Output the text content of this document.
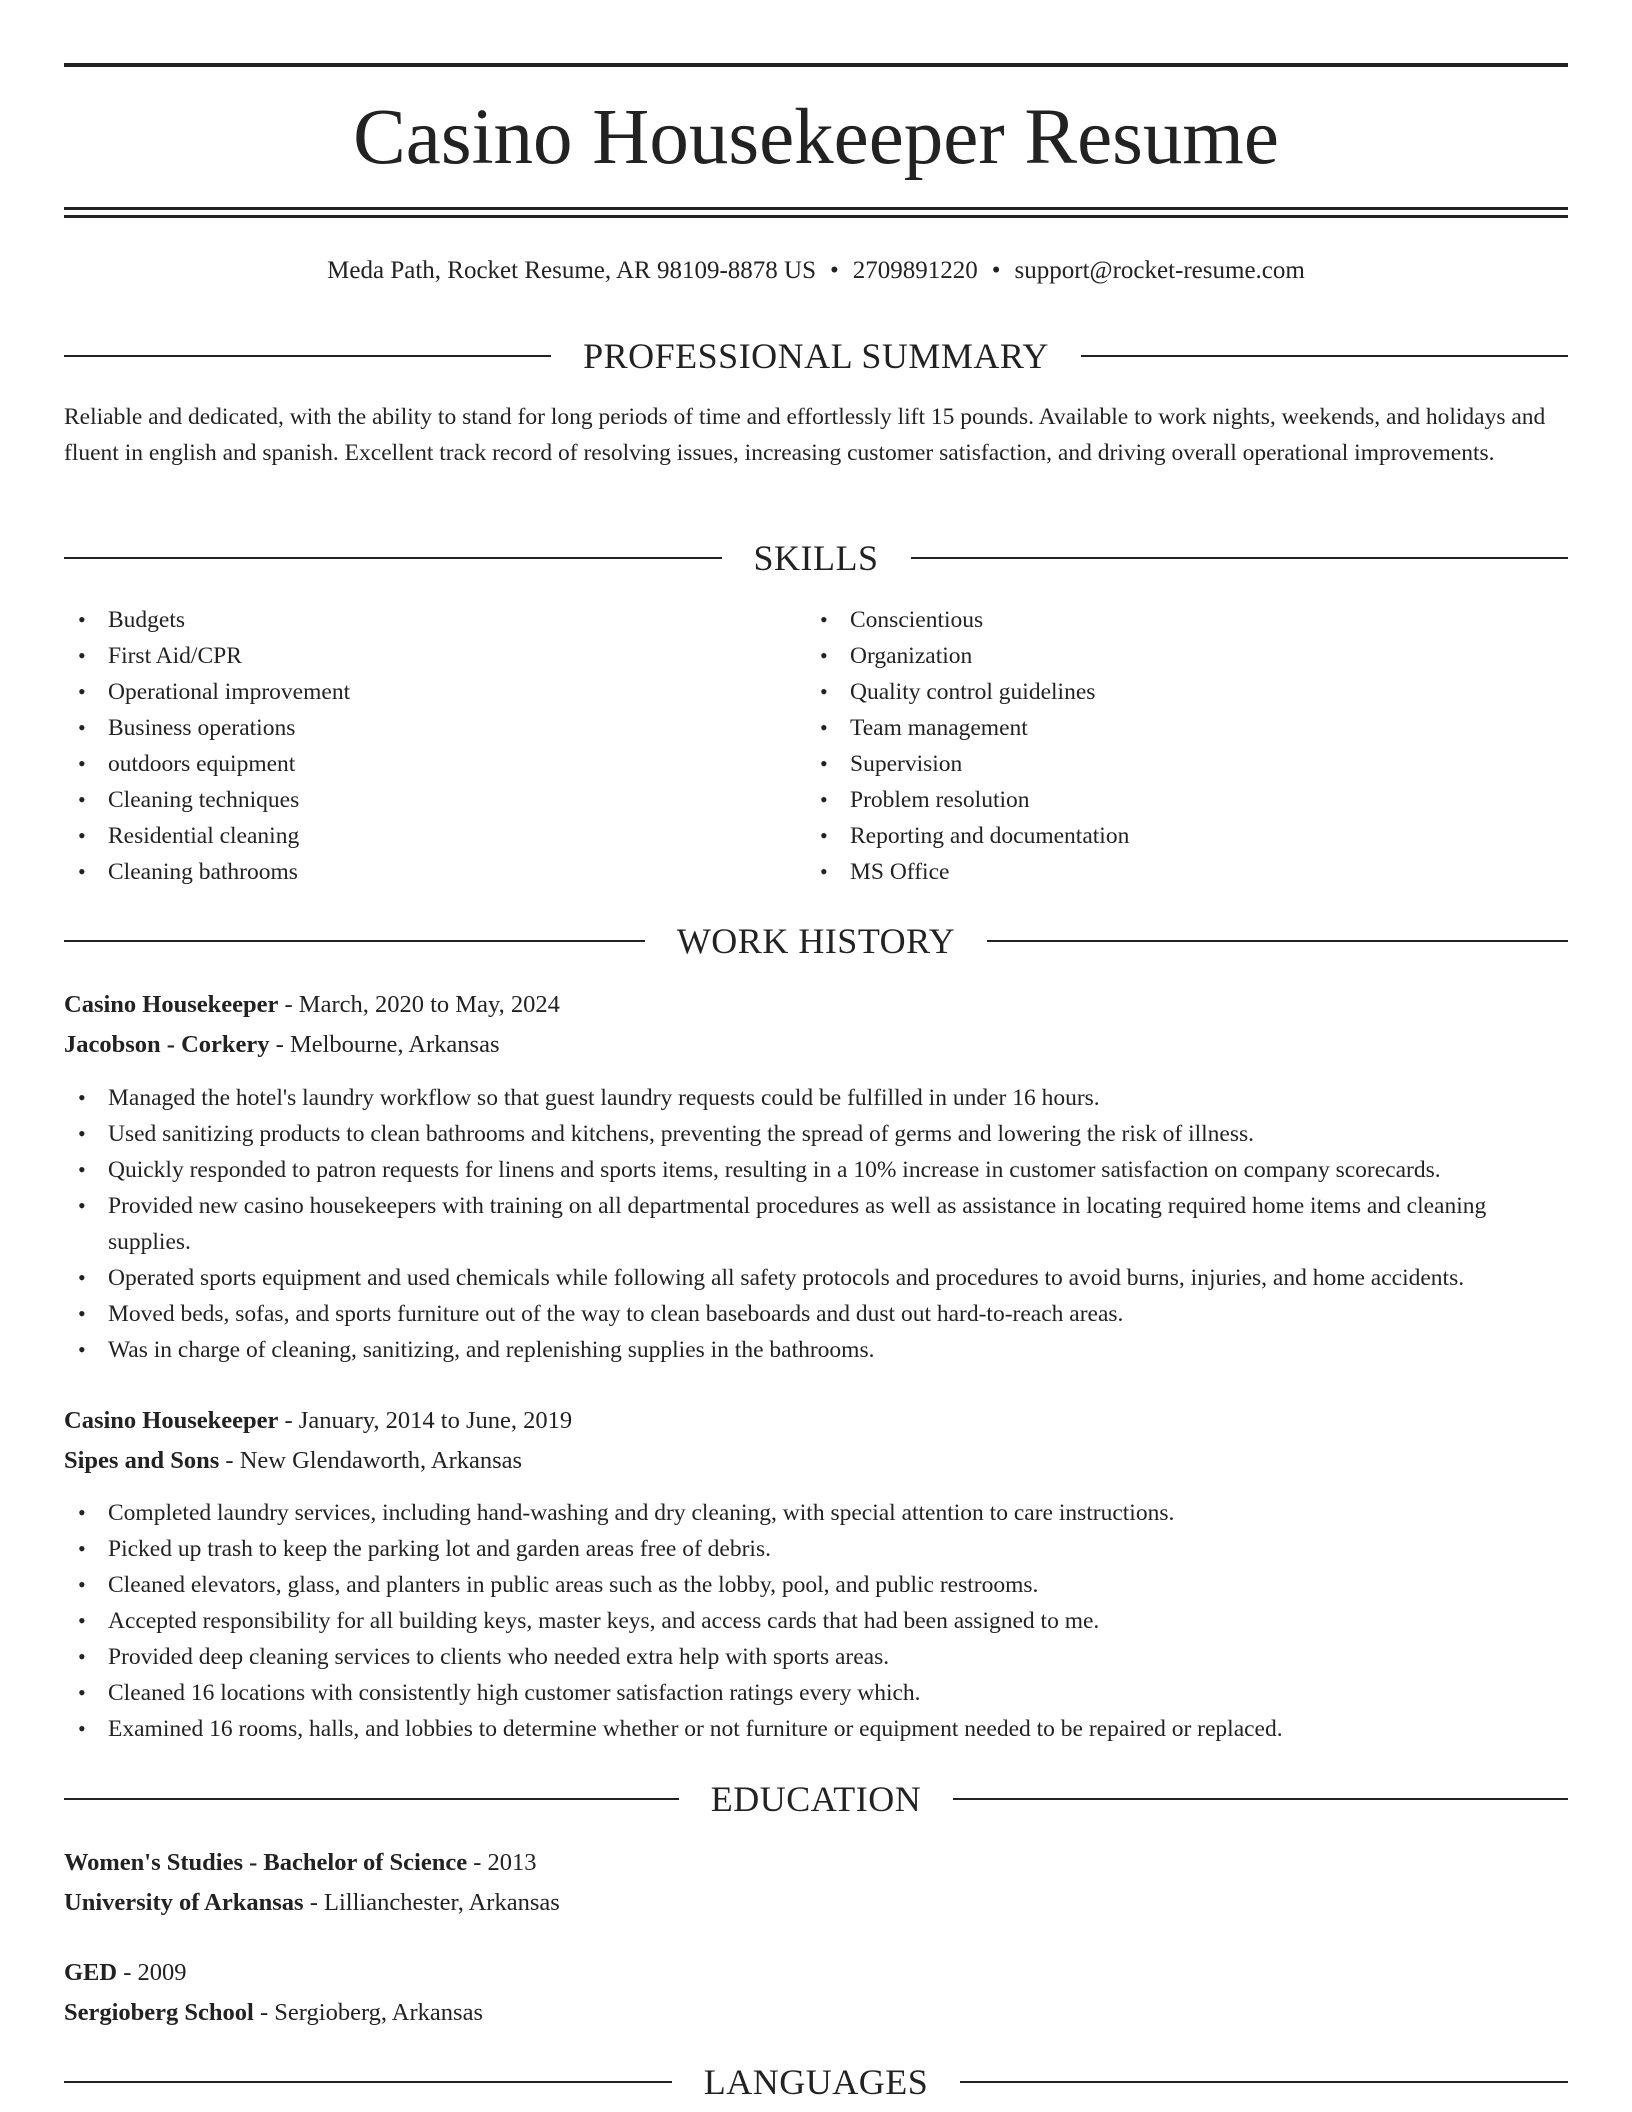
Casino Housekeeper Resume
Meda Path, Rocket Resume, AR 98109-8878 US • 2709891220 • support@rocket-resume.com
PROFESSIONAL SUMMARY
Reliable and dedicated, with the ability to stand for long periods of time and effortlessly lift 15 pounds. Available to work nights, weekends, and holidays and fluent in english and spanish. Excellent track record of resolving issues, increasing customer satisfaction, and driving overall operational improvements.
SKILLS
• Budgets
• First Aid/CPR
• Operational improvement
• Business operations
• outdoors equipment
• Cleaning techniques
• Residential cleaning
• Cleaning bathrooms
• Conscientious
• Organization
• Quality control guidelines
• Team management
• Supervision
• Problem resolution
• Reporting and documentation
• MS Office
WORK HISTORY
Casino Housekeeper - March, 2020 to May, 2024
Jacobson - Corkery - Melbourne, Arkansas
• Managed the hotel's laundry workflow so that guest laundry requests could be fulfilled in under 16 hours.
• Used sanitizing products to clean bathrooms and kitchens, preventing the spread of germs and lowering the risk of illness.
• Quickly responded to patron requests for linens and sports items, resulting in a 10% increase in customer satisfaction on company scorecards.
• Provided new casino housekeepers with training on all departmental procedures as well as assistance in locating required home items and cleaning supplies.
• Operated sports equipment and used chemicals while following all safety protocols and procedures to avoid burns, injuries, and home accidents.
• Moved beds, sofas, and sports furniture out of the way to clean baseboards and dust out hard-to-reach areas.
• Was in charge of cleaning, sanitizing, and replenishing supplies in the bathrooms.
Casino Housekeeper - January, 2014 to June, 2019
Sipes and Sons - New Glendaworth, Arkansas
• Completed laundry services, including hand-washing and dry cleaning, with special attention to care instructions.
• Picked up trash to keep the parking lot and garden areas free of debris.
• Cleaned elevators, glass, and planters in public areas such as the lobby, pool, and public restrooms.
• Accepted responsibility for all building keys, master keys, and access cards that had been assigned to me.
• Provided deep cleaning services to clients who needed extra help with sports areas.
• Cleaned 16 locations with consistently high customer satisfaction ratings every which.
• Examined 16 rooms, halls, and lobbies to determine whether or not furniture or equipment needed to be repaired or replaced.
EDUCATION
Women's Studies - Bachelor of Science - 2013
University of Arkansas - Lillianchester, Arkansas
GED - 2009
Sergioberg School - Sergioberg, Arkansas
LANGUAGES
